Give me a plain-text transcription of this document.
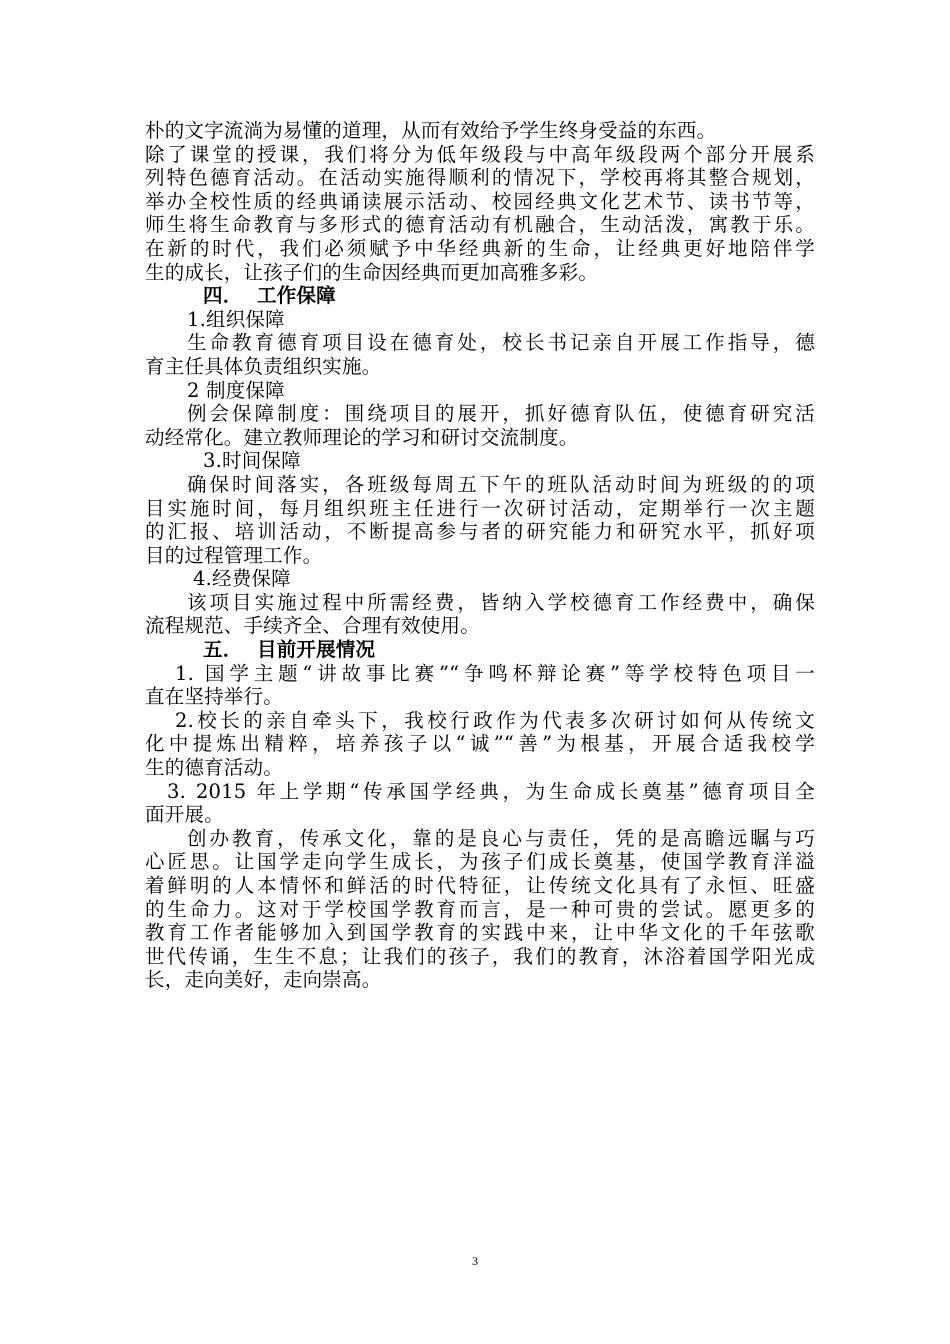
朴的文字流淌为易懂的道理，从而有效给予学生终身受益的东西。
除了课堂的授课，我们将分为低年级段与中高年级段两个部分开展系
列特色德育活动。在活动实施得顺利的情况下，学校再将其整合规划，
举办全校性质的经典诵读展示活动、校园经典文化艺术节、读书节等，
师生将生命教育与多形式的德育活动有机融合，生动活泼，寓教于乐。
在新的时代，我们必须赋予中华经典新的生命，让经典更好地陪伴学
生的成长，让孩子们的生命因经典而更加高雅多彩。
四． 工作保障
1.组织保障
生命教育德育项目设在德育处，校长书记亲自开展工作指导，德
育主任具体负责组织实施。
2 制度保障
例会保障制度：围绕项目的展开，抓好德育队伍，使德育研究活
动经常化。建立教师理论的学习和研讨交流制度。
3.时间保障
确保时间落实，各班级每周五下午的班队活动时间为班级的的项
目实施时间，每月组织班主任进行一次研讨活动，定期举行一次主题
的汇报、培训活动，不断提高参与者的研究能力和研究水平，抓好项
目的过程管理工作。
4.经费保障
该项目实施过程中所需经费，皆纳入学校德育工作经费中，确保
流程规范、手续齐全、合理有效使用。
五． 目前开展情况
1. 国学主题“讲故事比赛”“争鸣杯辩论赛”等学校特色项目一
直在坚持举行。
2.校长的亲自牵头下，我校行政作为代表多次研讨如何从传统文
化中提炼出精粹，培养孩子以“诚”“善”为根基，开展合适我校学
生的德育活动。
3. 2015 年上学期“传承国学经典，为生命成长奠基”德育项目全
面开展。
创办教育，传承文化，靠的是良心与责任，凭的是高瞻远瞩与巧
心匠思。让国学走向学生成长，为孩子们成长奠基，使国学教育洋溢
着鲜明的人本情怀和鲜活的时代特征，让传统文化具有了永恒、旺盛
的生命力。这对于学校国学教育而言，是一种可贵的尝试。愿更多的
教育工作者能够加入到国学教育的实践中来，让中华文化的千年弦歌
世代传诵，生生不息；让我们的孩子，我们的教育，沐浴着国学阳光成
长，走向美好，走向崇高。
3
